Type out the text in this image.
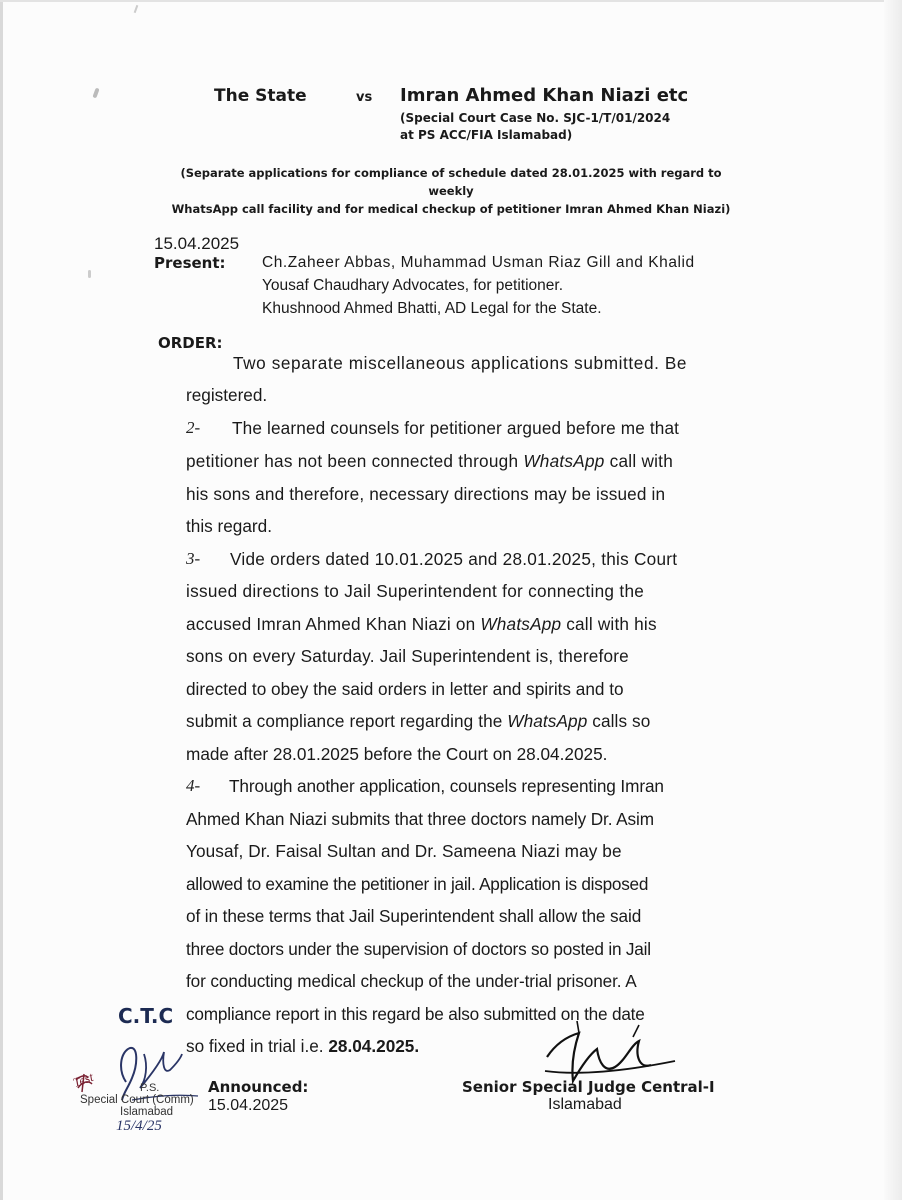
The State	vs Imran Ahmed Khan Niazi etc
(Special Court Case No. SJC-1/T/01/2024
at PS ACC/FIA Islamabad)
(Separate applications for compliance of schedule dated 28.01.2025 with regard to weekly
WhatsApp call facility and for medical checkup of petitioner Imran Ahmed Khan Niazi)
15.04.2025
Present: Ch.Zaheer Abbas, Muhammad Usman Riaz Gill and Khalid
Yousaf Chaudhary Advocates, for petitioner.
Khushnood Ahmed Bhatti, AD Legal for the State.
ORDER:
Two separate miscellaneous applications submitted. Be
registered.
2- The learned counsels for petitioner argued before me that
petitioner has not been connected through WhatsApp call with
his sons and therefore, necessary directions may be issued in
this regard.
3- Vide orders dated 10.01.2025 and 28.01.2025, this Court
issued directions to Jail Superintendent for connecting the
accused Imran Ahmed Khan Niazi on WhatsApp call with his
sons on every Saturday. Jail Superintendent is, therefore
directed to obey the said orders in letter and spirits and to
submit a compliance report regarding the WhatsApp calls so
made after 28.01.2025 before the Court on 28.04.2025.
4- Through another application, counsels representing Imran
Ahmed Khan Niazi submits that three doctors namely Dr. Asim
Yousaf, Dr. Faisal Sultan and Dr. Sameena Niazi may be
allowed to examine the petitioner in jail. Application is disposed
of in these terms that Jail Superintendent shall allow the said
three doctors under the supervision of doctors so posted in Jail
for conducting medical checkup of the under-trial prisoner. A
compliance report in this regard be also submitted on the date
so fixed in trial i.e. 28.04.2025.
C.T.C
P.S.
Special Court (Comm)
Islamabad
Test
15/4/25
Announced:
15.04.2025
Senior Special Judge Central-I
Islamabad
